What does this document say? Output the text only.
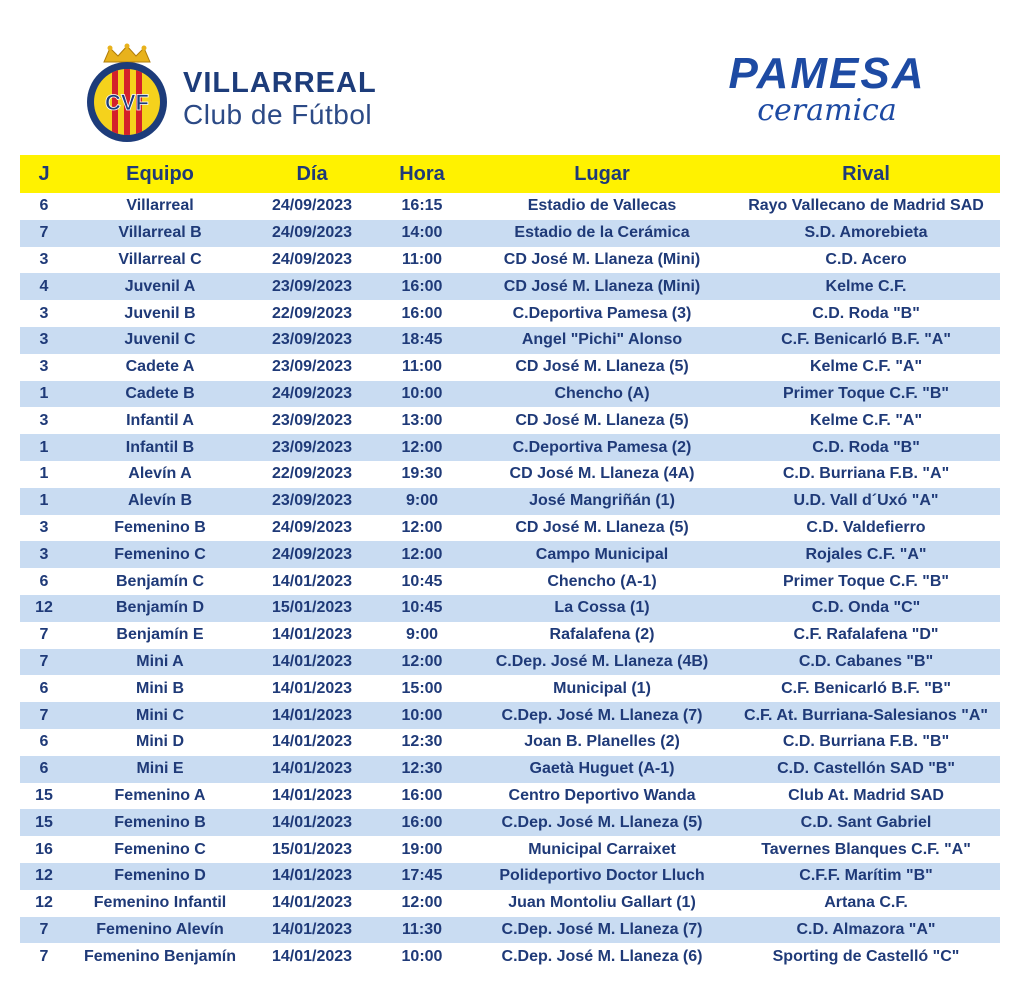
CVF
VILLARREAL
Club de Fútbol
PAMESA
ceramica
J	Equipo	Día	Hora	Lugar	Rival
6	Villarreal	24/09/2023	16:15	Estadio de Vallecas	Rayo Vallecano de Madrid SAD
7	Villarreal B	24/09/2023	14:00	Estadio de la Cerámica	S.D. Amorebieta
3	Villarreal C	24/09/2023	11:00	CD José M. Llaneza (Mini)	C.D. Acero
4	Juvenil A	23/09/2023	16:00	CD José M. Llaneza (Mini)	Kelme C.F.
3	Juvenil B	22/09/2023	16:00	C.Deportiva Pamesa (3)	C.D. Roda "B"
3	Juvenil C	23/09/2023	18:45	Angel "Pichi" Alonso	C.F. Benicarló B.F. "A"
3	Cadete A	23/09/2023	11:00	CD José M. Llaneza (5)	Kelme C.F. "A"
1	Cadete B	24/09/2023	10:00	Chencho (A)	Primer Toque C.F. "B"
3	Infantil A	23/09/2023	13:00	CD José M. Llaneza (5)	Kelme C.F. "A"
1	Infantil B	23/09/2023	12:00	C.Deportiva Pamesa (2)	C.D. Roda "B"
1	Alevín A	22/09/2023	19:30	CD José M. Llaneza (4A)	C.D. Burriana F.B. "A"
1	Alevín B	23/09/2023	9:00	José Mangriñán (1)	U.D. Vall d´Uxó "A"
3	Femenino B	24/09/2023	12:00	CD José M. Llaneza (5)	C.D. Valdefierro
3	Femenino C	24/09/2023	12:00	Campo Municipal	Rojales C.F. "A"
6	Benjamín C	14/01/2023	10:45	Chencho (A-1)	Primer Toque C.F. "B"
12	Benjamín D	15/01/2023	10:45	La Cossa (1)	C.D. Onda "C"
7	Benjamín E	14/01/2023	9:00	Rafalafena (2)	C.F. Rafalafena "D"
7	Mini A	14/01/2023	12:00	C.Dep. José M. Llaneza (4B)	C.D. Cabanes "B"
6	Mini B	14/01/2023	15:00	Municipal (1)	C.F. Benicarló B.F. "B"
7	Mini C	14/01/2023	10:00	C.Dep. José M. Llaneza (7)	C.F. At. Burriana-Salesianos "A"
6	Mini D	14/01/2023	12:30	Joan B. Planelles (2)	C.D. Burriana F.B. "B"
6	Mini E	14/01/2023	12:30	Gaetà Huguet (A-1)	C.D. Castellón SAD "B"
15	Femenino A	14/01/2023	16:00	Centro Deportivo Wanda	Club At. Madrid SAD
15	Femenino B	14/01/2023	16:00	C.Dep. José M. Llaneza (5)	C.D. Sant Gabriel
16	Femenino C	15/01/2023	19:00	Municipal Carraixet	Tavernes Blanques C.F. "A"
12	Femenino D	14/01/2023	17:45	Polideportivo Doctor Lluch	C.F.F. Marítim "B"
12	Femenino Infantil	14/01/2023	12:00	Juan Montoliu Gallart (1)	Artana C.F.
7	Femenino Alevín	14/01/2023	11:30	C.Dep. José M. Llaneza (7)	C.D. Almazora "A"
7	Femenino Benjamín	14/01/2023	10:00	C.Dep. José M. Llaneza (6)	Sporting de Castelló "C"
